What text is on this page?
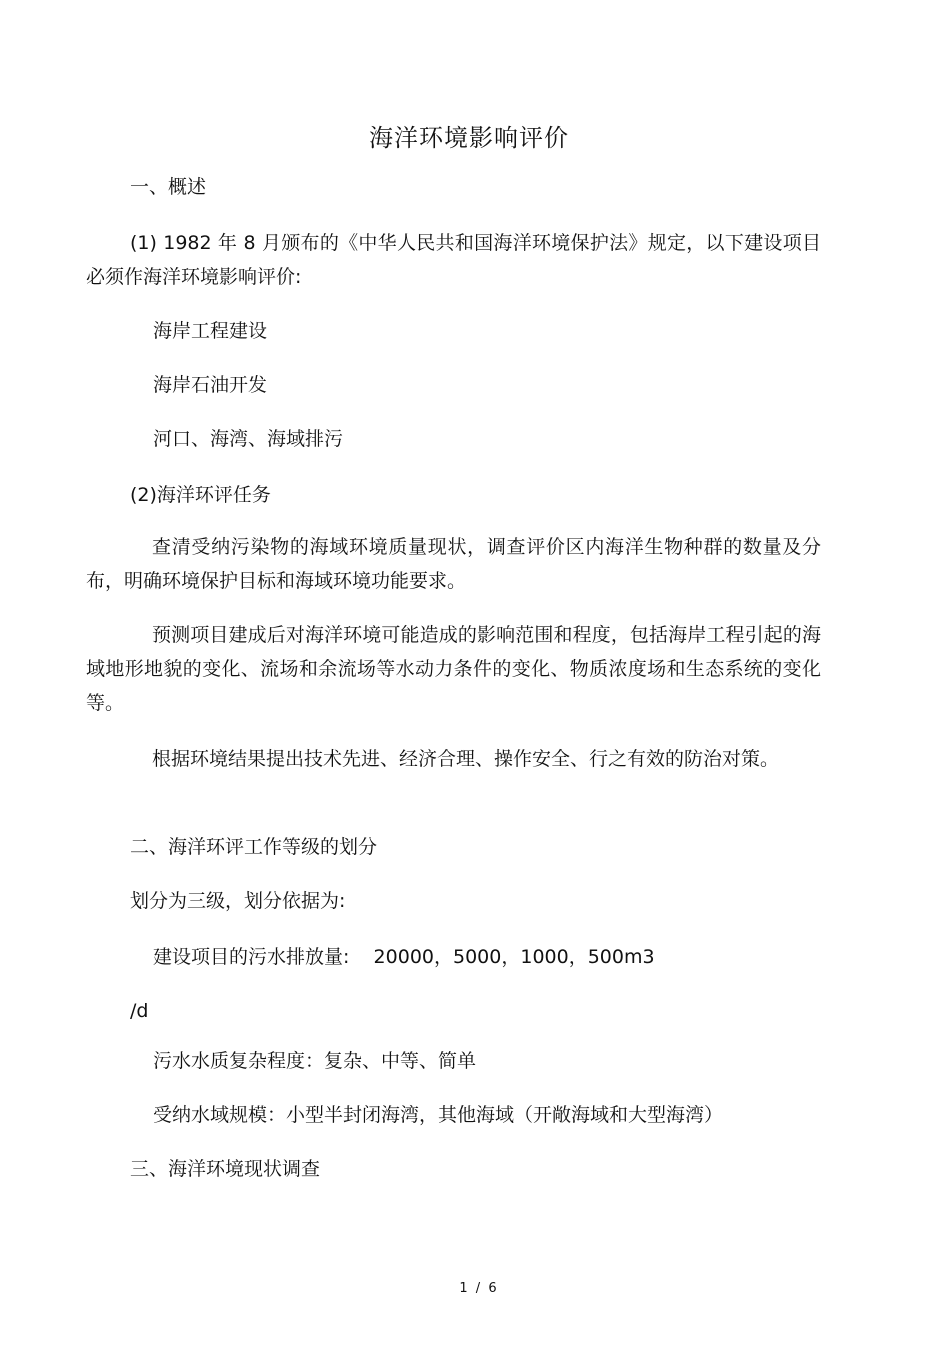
海洋环境影响评价
一、概述
(1) 1982 年 8 月颁布的《中华人民共和国海洋环境保护法》规定，以下建设项目必须作海洋环境影响评价:
海岸工程建设
海岸石油开发
河口、海湾、海域排污
(2)海洋环评任务
查清受纳污染物的海域环境质量现状，调查评价区内海洋生物种群的数量及分布，明确环境保护目标和海域环境功能要求。
预测项目建成后对海洋环境可能造成的影响范围和程度，包括海岸工程引起的海域地形地貌的变化、流场和余流场等水动力条件的变化、物质浓度场和生态系统的变化等。
根据环境结果提出技术先进、经济合理、操作安全、行之有效的防治对策。
二、海洋环评工作等级的划分
划分为三级，划分依据为:
建设项目的污水排放量:    20000，5000，1000，500m3
/d
污水水质复杂程度：复杂、中等、简单
受纳水域规模：小型半封闭海湾，其他海域（开敞海域和大型海湾）
三、海洋环境现状调查
1 / 6
